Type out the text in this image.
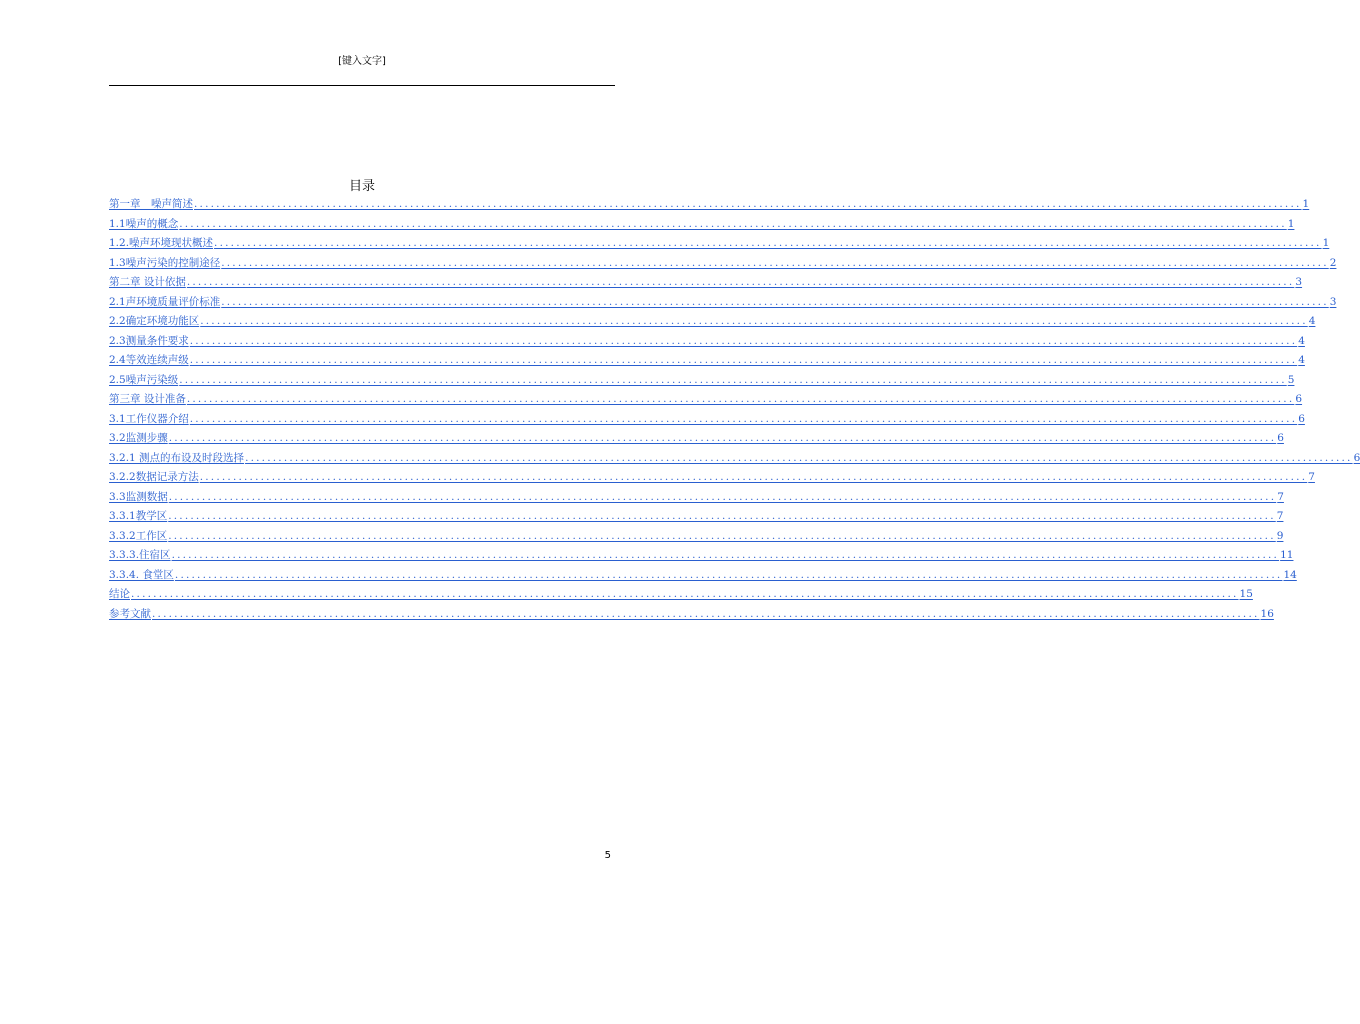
[键入文字]
目录
第一章　噪声简述 ........................................................................................................................................................................................................ 1
1.1噪声的概念 ........................................................................................................................................................................................................ 1
1.2.噪声环境现状概述 ........................................................................................................................................................................................................ 1
1.3噪声污染的控制途径 ........................................................................................................................................................................................................ 2
第二章 设计依据 ........................................................................................................................................................................................................ 3
2.1声环境质量评价标准 ........................................................................................................................................................................................................ 3
2.2确定环境功能区 ........................................................................................................................................................................................................ 4
2.3测量条件要求 ........................................................................................................................................................................................................ 4
2.4等效连续声级 ........................................................................................................................................................................................................ 4
2.5噪声污染级 ........................................................................................................................................................................................................ 5
第三章 设计准备 ........................................................................................................................................................................................................ 6
3.1工作仪器介绍 ........................................................................................................................................................................................................ 6
3.2监测步骤 ........................................................................................................................................................................................................ 6
3.2.1 测点的布设及时段选择 ........................................................................................................................................................................................................ 6
3.2.2数据记录方法 ........................................................................................................................................................................................................ 7
3.3监测数据 ........................................................................................................................................................................................................ 7
3.3.1教学区 ........................................................................................................................................................................................................ 7
3.3.2工作区 ........................................................................................................................................................................................................ 9
3.3.3.住宿区 ........................................................................................................................................................................................................ 11
3.3.4. 食堂区 ........................................................................................................................................................................................................ 14
结论 ........................................................................................................................................................................................................ 15
参考文献 ........................................................................................................................................................................................................ 16
5
